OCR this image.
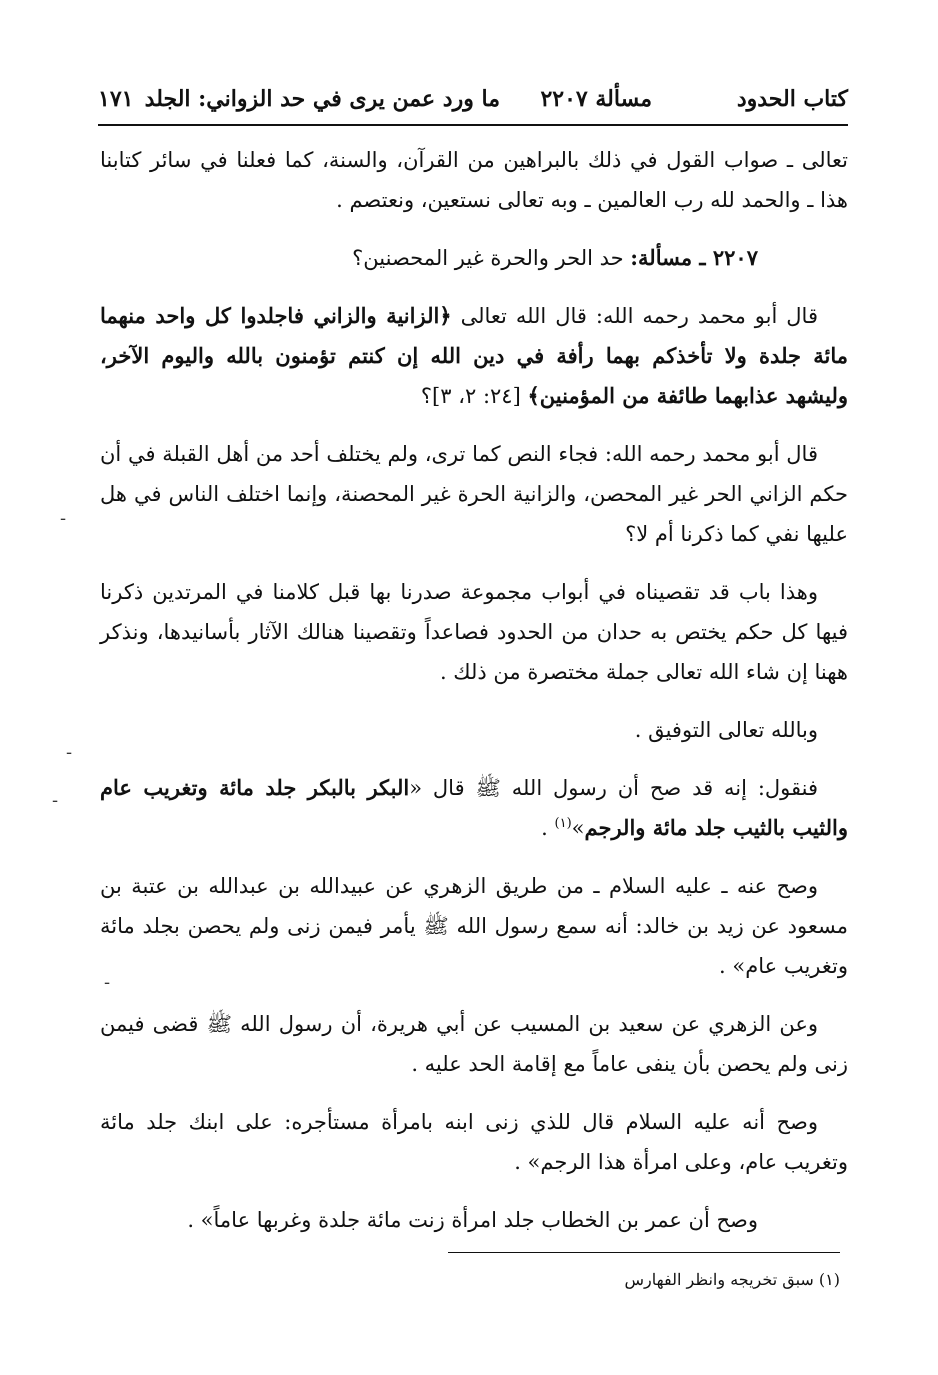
كتاب الحدود
مسألة ٢٢٠٧
ما ورد عمن يرى في حد الزواني: الجلد
١٧١

تعالى ـ صواب القول في ذلك بالبراهين من القرآن، والسنة، كما فعلنا في سائر كتابنا هذا ـ والحمد لله رب العالمين ـ وبه تعالى نستعين، ونعتصم .

٢٢٠٧ ـ مسألة: حد الحر والحرة غير المحصنين؟

قال أبو محمد رحمه الله: قال الله تعالى ﴿الزانية والزاني فاجلدوا كل واحد منهما مائة جلدة ولا تأخذكم بهما رأفة في دين الله إن كنتم تؤمنون بالله واليوم الآخر، وليشهد عذابهما طائفة من المؤمنين﴾ [٢٤: ٢، ٣]؟

قال أبو محمد رحمه الله: فجاء النص كما ترى، ولم يختلف أحد من أهل القبلة في أن حكم الزاني الحر غير المحصن، والزانية الحرة غير المحصنة، وإنما اختلف الناس في هل عليها نفي كما ذكرنا أم لا؟

وهذا باب قد تقصيناه في أبواب مجموعة صدرنا بها قبل كلامنا في المرتدين ذكرنا فيها كل حكم يختص به حدان من الحدود فصاعداً وتقصينا هنالك الآثار بأسانيدها، ونذكر ههنا إن شاء الله تعالى جملة مختصرة من ذلك .

وبالله تعالى التوفيق .

فنقول: إنه قد صح أن رسول الله ﷺ قال «البكر بالبكر جلد مائة وتغريب عام والثيب بالثيب جلد مائة والرجم»$^{(١)}$ .

وصح عنه ـ عليه السلام ـ من طريق الزهري عن عبيدالله بن عبدالله بن عتبة بن مسعود عن زيد بن خالد: أنه سمع رسول الله ﷺ يأمر فيمن زنى ولم يحصن بجلد مائة وتغريب عام» .

وعن الزهري عن سعيد بن المسيب عن أبي هريرة، أن رسول الله ﷺ قضى فيمن زنى ولم يحصن بأن ينفى عاماً مع إقامة الحد عليه .

وصح أنه عليه السلام قال للذي زنى ابنه بامرأة مستأجره: على ابنك جلد مائة وتغريب عام، وعلى امرأة هذا الرجم» .

وصح أن عمر بن الخطاب جلد امرأة زنت مائة جلدة وغربها عاماً» .

(١) سبق تخريجه وانظر الفهارس
-
-
-
-
